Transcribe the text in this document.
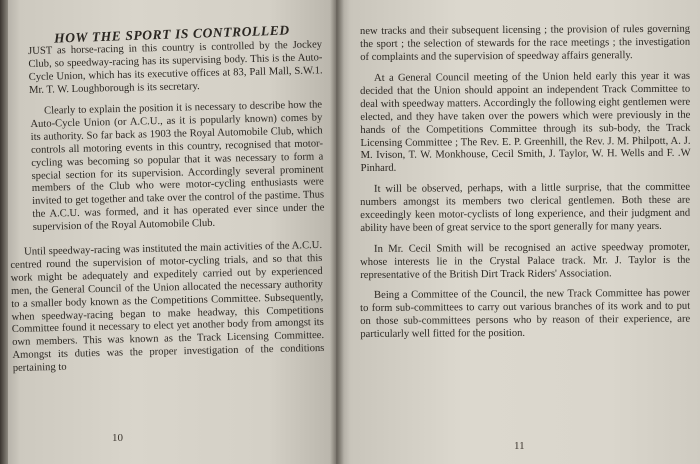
HOW THE SPORT IS CONTROLLED

JUST as horse-racing in this country is controlled by the Jockey Club, so speedway-racing has its supervising body. This is the Auto-Cycle Union, which has its executive offices at 83, Pall Mall, S.W.1. Mr. T. W. Loughborough is its secretary.

Clearly to explain the position it is necessary to describe how the Auto-Cycle Union (or A.C.U., as it is popularly known) comes by its authority. So far back as 1903 the Royal Automobile Club, which controls all motoring events in this country, recognised that motor-cycling was becoming so popular that it was necessary to form a special section for its supervision. Accordingly several prominent members of the Club who were motor-cycling enthusiasts were invited to get together and take over the control of the pastime. Thus the A.C.U. was formed, and it has operated ever since under the supervision of the Royal Automobile Club.

Until speedway-racing was instituted the main activities of the A.C.U. centred round the supervision of motor-cycling trials, and so that this work might be adequately and expeditely carried out by experienced men, the General Council of the Union allocated the necessary authority to a smaller body known as the Competitions Committee. Subsequently, when speedway-racing began to make headway, this Competitions Committee found it necessary to elect yet another body from amongst its own members. This was known as the Track Licensing Committee. Amongst its duties was the proper investigation of the conditions pertaining to

10

new tracks and their subsequent licensing ; the provision of rules governing the sport ; the selection of stewards for the race meetings ; the investigation of complaints and the supervision of speedway affairs generally.

At a General Council meeting of the Union held early this year it was decided that the Union should appoint an independent Track Committee to deal with speedway matters. Accordingly the following eight gentlemen were elected, and they have taken over the powers which were previously in the hands of the Competitions Committee through its sub-body, the Track Licensing Committee ; The Rev. E. P. Greenhill, the Rev. J. M. Philpott, A. J. M. Ivison, T. W. Monkhouse, Cecil Smith, J. Taylor, W. H. Wells and F. .W Pinhard.

It will be observed, perhaps, with a little surprise, that the committee numbers amongst its members two clerical gentlemen. Both these are exceedingly keen motor-cyclists of long experience, and their judgment and ability have been of great service to the sport generally for many years.

In Mr. Cecil Smith will be recognised an active speedway promoter, whose interests lie in the Crystal Palace track. Mr. J. Taylor is the representative of the British Dirt Track Riders' Association.

Being a Committee of the Council, the new Track Committee has power to form sub-committees to carry out various branches of its work and to put on those sub-committees persons who by reason of their experience, are particularly well fitted for the position.

11
